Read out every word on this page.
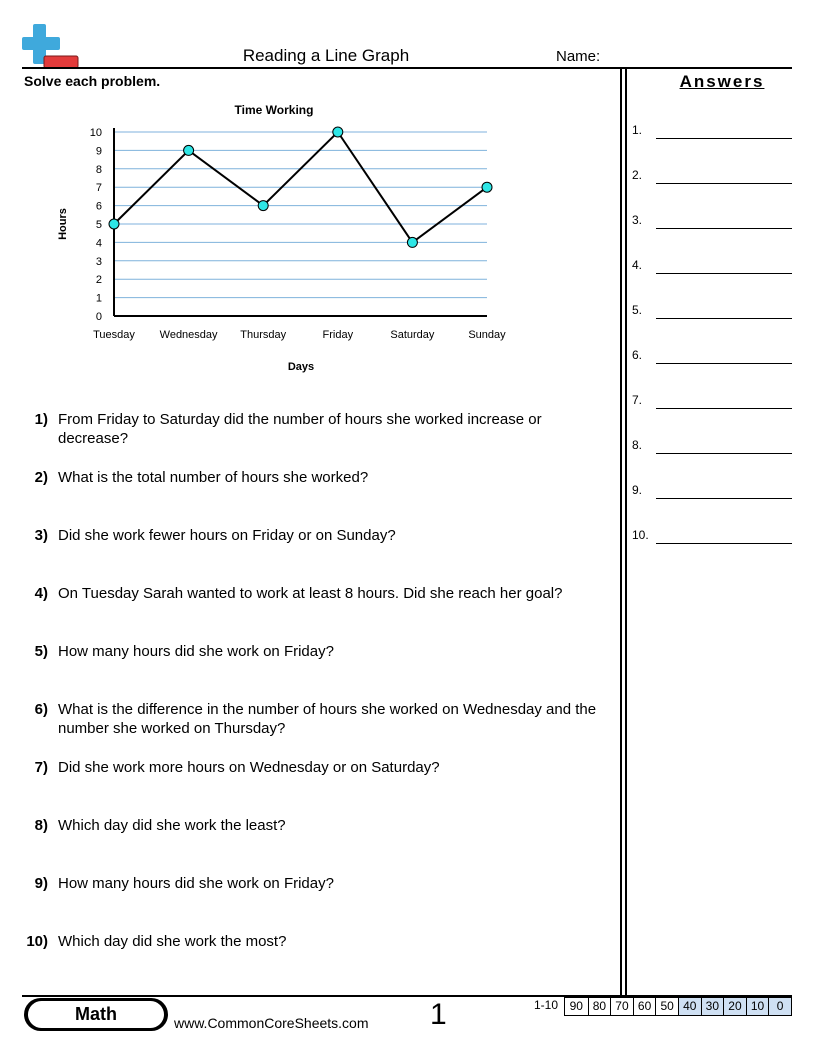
Reading a Line Graph	Name:
Solve each problem.	Answers
1.
2.
3.
4.
5.
6.
7.
8.
9.
10.
0
1
2
3
4
5
6
7
8
9
10
Tuesday Wednesday Thursday	Friday	Saturday	Sunday
Time Working
Days
Hours
1) From Friday to Saturday did the number of hours she worked increase or decrease?
2) What is the total number of hours she worked?
3) Did she work fewer hours on Friday or on Sunday?
4) On Tuesday Sarah wanted to work at least 8 hours. Did she reach her goal?
5) How many hours did she work on Friday?
6) What is the difference in the number of hours she worked on Wednesday and the number she worked on Thursday?
7) Did she work more hours on Wednesday or on Saturday?
8) Which day did she work the least?
9) How many hours did she work on Friday?
10) Which day did she work the most?
Math	www.CommonCoreSheets.com 1	1-10 90 80 70 60 50 40 30 20 10	0
